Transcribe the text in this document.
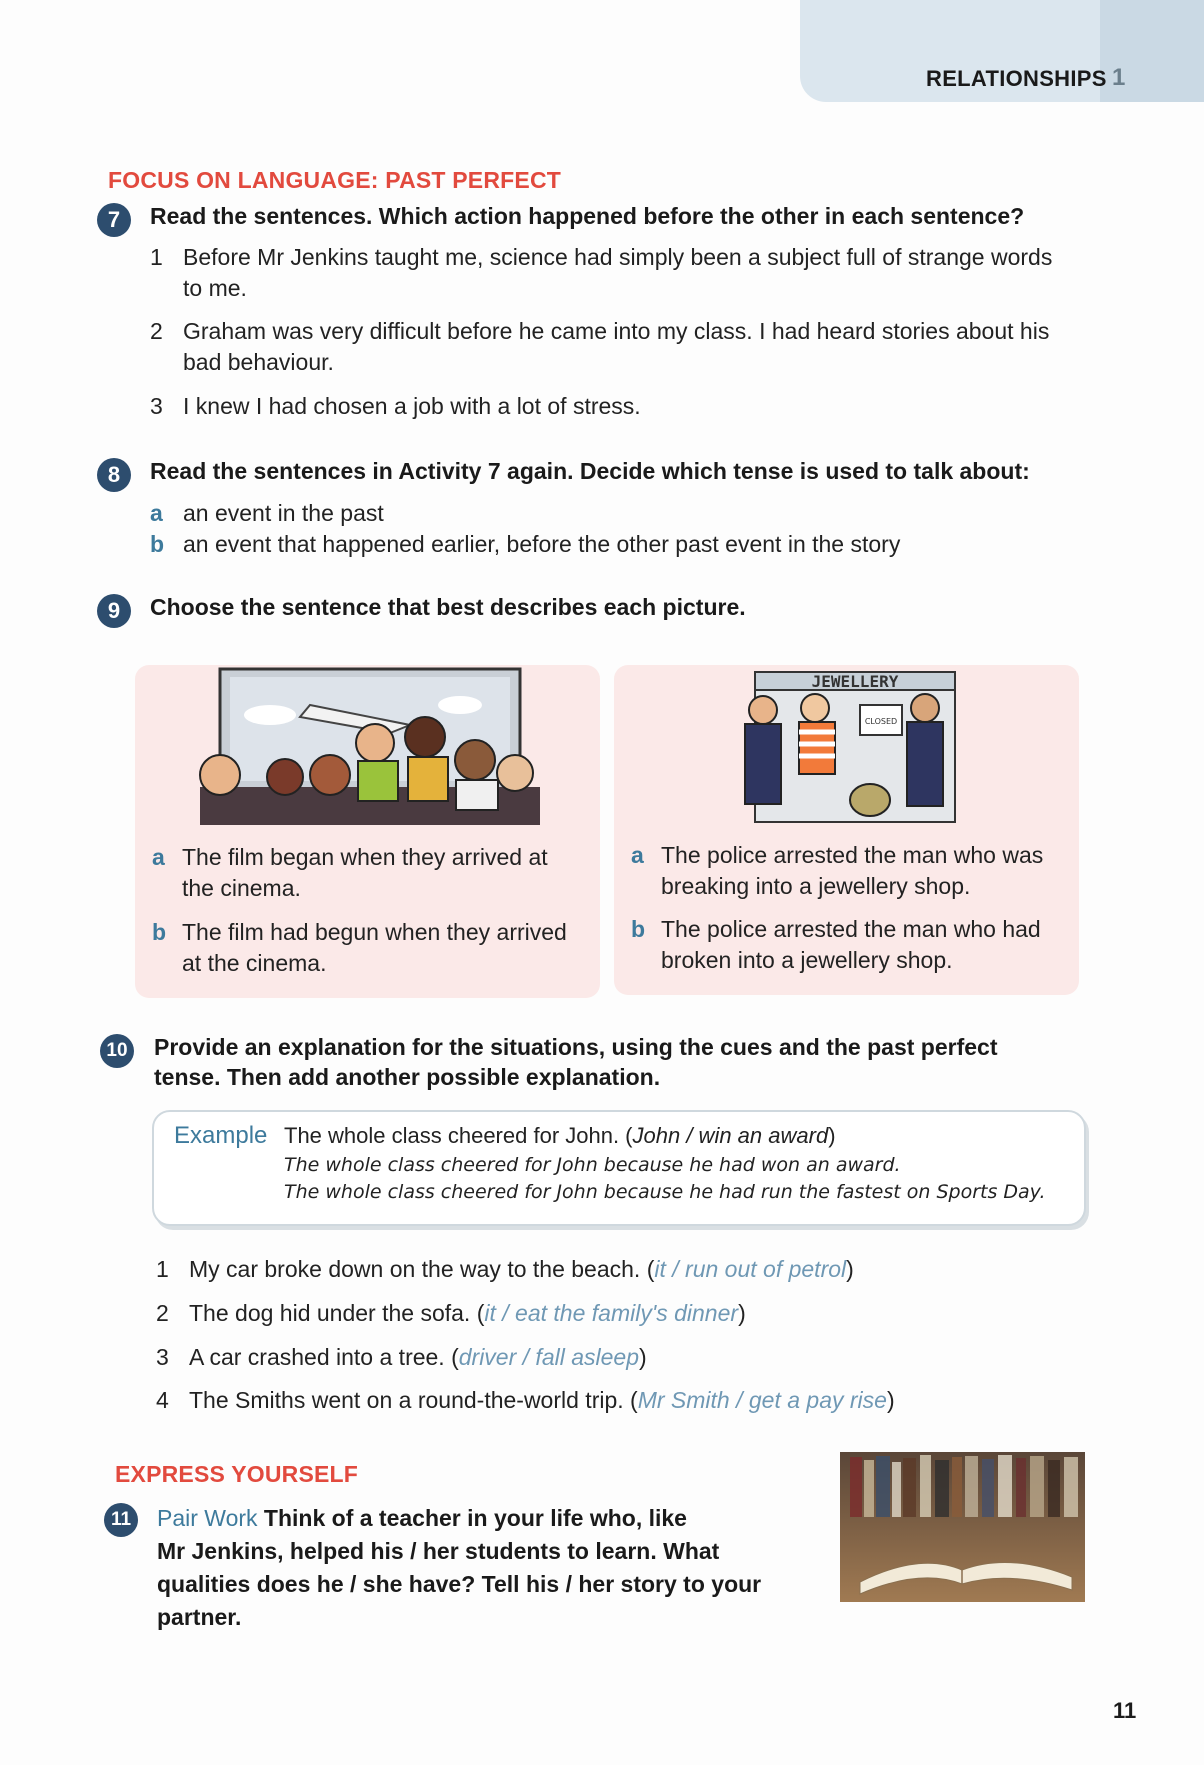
RELATIONSHIPS 1
FOCUS ON LANGUAGE: PAST PERFECT
7	Read the sentences. Which action happened before the other in each sentence?
1 Before Mr Jenkins taught me, science had simply been a subject full of strange words
to me.
2 Graham was very difficult before he came into my class. I had heard stories about his
bad behaviour.
3 I knew I had chosen a job with a lot of stress.
8	Read the sentences in Activity 7 again. Decide which tense is used to talk about:
a an event in the past
b an event that happened earlier, before the other past event in the story
9	Choose the sentence that best describes each picture.
a The film began when they arrived at
the cinema.
b The film had begun when they arrived
at the cinema.
JEWELLERY
CLOSED
a The police arrested the man who was
breaking into a jewellery shop.
b The police arrested the man who had
broken into a jewellery shop.
10 Provide an explanation for the situations, using the cues and the past perfect
tense. Then add another possible explanation.
Example The whole class cheered for John. (John / win an award)
The whole class cheered for John because he had won an award.
The whole class cheered for John because he had run the fastest on Sports Day.
1 My car broke down on the way to the beach. (it / run out of petrol)
2 The dog hid under the sofa. (it / eat the family's dinner)
3 A car crashed into a tree. (driver / fall asleep)
4 The Smiths went on a round-the-world trip. (Mr Smith / get a pay rise)
EXPRESS YOURSELF
11	Pair Work Think of a teacher in your life who, like
Mr Jenkins, helped his / her students to learn. What
qualities does he / she have? Tell his / her story to your
partner.
11
